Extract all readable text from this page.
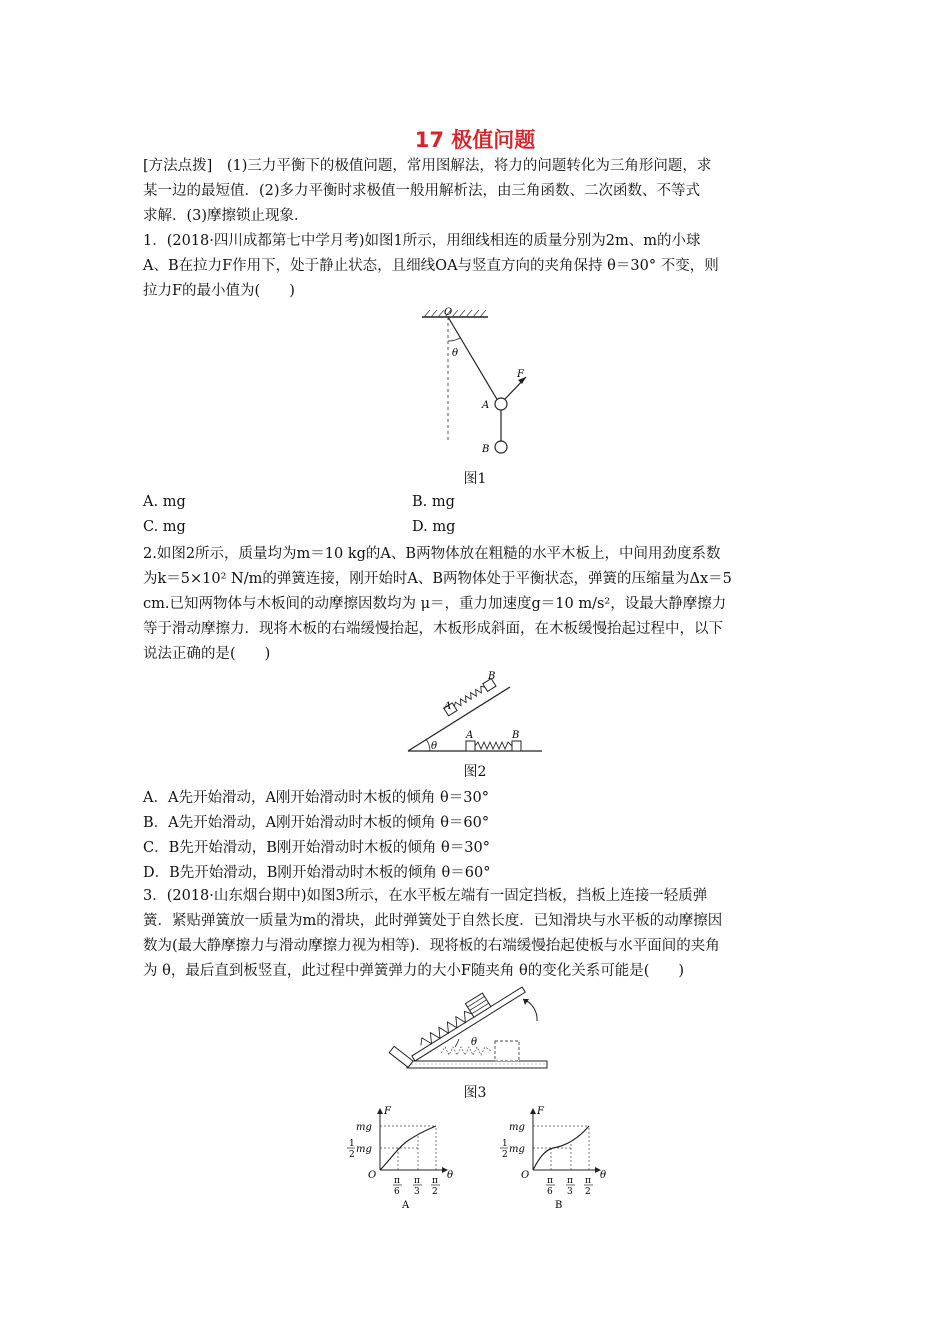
17 极值问题
[方法点拨]　(1)三力平衡下的极值问题，常用图解法，将力的问题转化为三角形问题，求
某一边的最短值．(2)多力平衡时求极值一般用解析法，由三角函数、二次函数、不等式
求解．(3)摩擦锁止现象．
1．(2018·四川成都第七中学月考)如图1所示，用细线相连的质量分别为2m、m的小球
A、B在拉力F作用下，处于静止状态，且细线OA与竖直方向的夹角保持 θ＝30° 不变，则
拉力F的最小值为(　　)
O
θ
F
A
B
图1
A. mg	B. mg
C. mg	D. mg
2.如图2所示，质量均为m＝10 kg的A、B两物体放在粗糙的水平木板上，中间用劲度系数
为k＝5×10² N/m的弹簧连接，刚开始时A、B两物体处于平衡状态，弹簧的压缩量为Δx＝5
cm.已知两物体与木板间的动摩擦因数均为 μ＝，重力加速度g＝10 m/s²，设最大静摩擦力
等于滑动摩擦力．现将木板的右端缓慢抬起，木板形成斜面，在木板缓慢抬起过程中，以下
说法正确的是(　　)
A
B
A	B
θ
图2
A．A先开始滑动，A刚开始滑动时木板的倾角 θ＝30°
B．A先开始滑动，A刚开始滑动时木板的倾角 θ＝60°
C．B先开始滑动，B刚开始滑动时木板的倾角 θ＝30°
D．B先开始滑动，B刚开始滑动时木板的倾角 θ＝60°
3．(2018·山东烟台期中)如图3所示，在水平板左端有一固定挡板，挡板上连接一轻质弹
簧．紧贴弹簧放一质量为m的滑块，此时弹簧处于自然长度．已知滑块与水平板的动摩擦因
数为(最大静摩擦力与滑动摩擦力视为相等)．现将板的右端缓慢抬起使板与水平面间的夹角
为 θ，最后直到板竖直，此过程中弹簧弹力的大小F随夹角 θ的变化关系可能是(　　)
θ
图3
F
mg
1
2 mg
O	θ
π
6
π
3
π
2
A
F
mg
1
2 mg
O	θ
π
6
π
3
π
2
B
